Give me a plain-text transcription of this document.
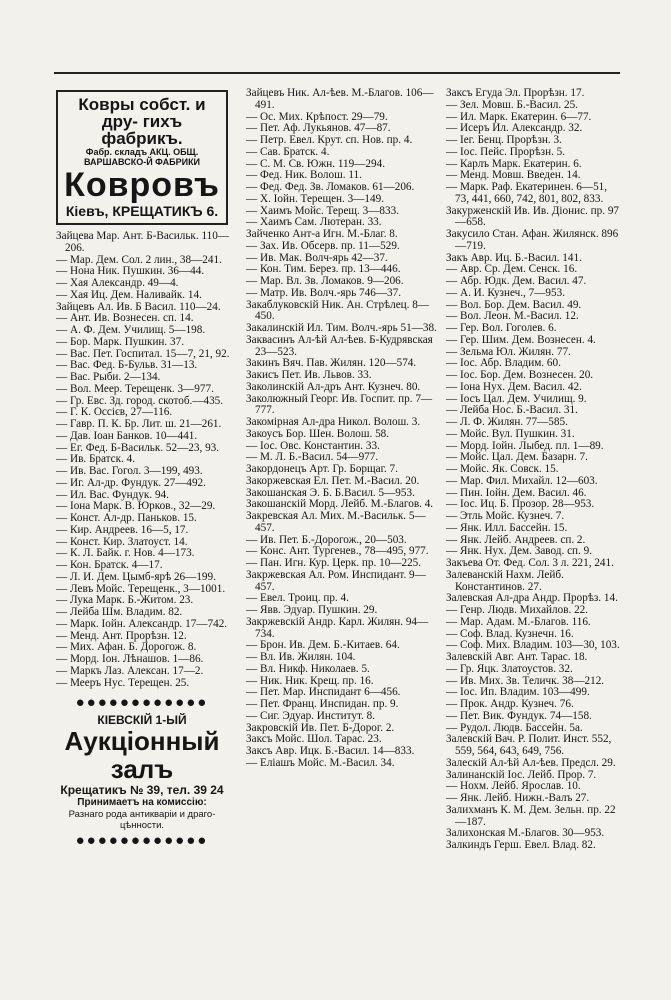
Ковры собст. и дру- гихъ фабрикъ.
Фабр. складъ АКЦ. ОБЩ.
ВАРШАВСКО-Й ФАБРИКИ
Ковровъ
Кіевъ, КРЕЩАТИКЪ 6.
Зайцева Мар. Ант. Б-Васильк. 110—206.
— Мар. Дем. Сол. 2 лин., 38—241.
— Нона Ник. Пушкин. 36—44.
— Хая Александр. 49—4.
— Хая Иц. Дем. Наливайк. 14.
Зайцевъ Ал. Ив. Б Васил. 110—24.
— Ант. Ив. Вознесен. сп. 14.
— А. Ф. Дем. Училищ. 5—198.
— Бор. Марк. Пушкин. 37.
— Вас. Пет. Госпитал. 15—7, 21, 92.
— Вас. Фед. Б-Бульв. 31—13.
— Вас. Рыби. 2—134.
— Вол. Меер. Терещенк. 3—977.
— Гр. Евс. Зд. город. скотоб.—435.
— Г. К. Оссієв, 27—116.
— Гавр. П. К. Бр. Лит. ш. 21—261.
— Дав. Іоан Банков. 10—441.
— Ег. Фед. Б-Васильк. 52—23, 93.
— Ив. Братск. 4.
— Ив. Вас. Гогол. 3—199, 493.
— Иг. Ал-др. Фундук. 27—492.
— Ил. Вас. Фундук. 94.
— Іона Марк. В. Юрков., 32—29.
— Конст. Ал-др. Паньков. 15.
— Кир. Андреев. 16—5, 17.
— Конст. Кир. Златоуст. 14.
— К. Л. Байк. г. Нов. 4—173.
— Кон. Братск. 4—17.
— Л. И. Дем. Цымб-ярѣ 26—199.
— Левъ Мойс. Терещенк., 3—1001.
— Лука Марк. Б.-Житом. 23.
— Лейба Шм. Владим. 82.
— Марк. Іойн. Александр. 17—742.
— Менд. Ант. Прорѣзн. 12.
— Мих. Афан. Б. Дорогож. 8.
— Морд. Іон. Лѣнашов. 1—86.
— Маркъ Лаз. Алексан. 17—2.
— Мееръ Нус. Терещен. 25.
●●●●●●●●●●●●
КІЕВСКІЙ 1-ЫЙ
Аукціонный залъ
Крещатикъ № 39, тел. 39 24
Принимаетъ на комиссію:
Разнаго рода антикваріи и драго-
цѣнности.
●●●●●●●●●●●●
Зайцевъ Ник. Ал-ѣев. М.-Благов. 106—491.
— Ос. Мих. Крѣпост. 29—79.
— Пет. Аф. Лукьянов. 47—87.
— Петр. Евел. Крут. сп. Нов. пр. 4.
— Сав. Братск. 4.
— С. М. Св. Южн. 119—294.
— Фед. Ник. Волош. 11.
— Фед. Фед. Зв. Ломаков. 61—206.
— Х. Іойн. Терещен. 3—149.
— Хаимъ Мойс. Терещ. 3—833.
— Хаимъ Сам. Лютеран. 33.
Зайченко Ант-а Игн. М.-Благ. 8.
— Зах. Ив. Обсерв. пр. 11—529.
— Ив. Мак. Волч-ярь 42—37.
— Кон. Тим. Берез. пр. 13—446.
— Мар. Вл. Зв. Ломаков. 9—206.
— Матр. Ив. Волч.-ярь 746—37.
Закаблуковскій Ник. Ан. Стрѣлец. 8—450.
Закалинскій Ил. Тим. Волч.-ярь 51—38.
Заквасинъ Ал-ѣй Ал-ѣев. Б-Кудрявская 23—523.
Закинъ Вяч. Пав. Жилян. 120—574.
Закисъ Пет. Ив. Львов. 33.
Заколинскій Ал-дръ Ант. Кузнеч. 80.
Заколюжный Георг. Ив. Госпит. пр. 7—777.
Закомірная Ал-дра Никол. Волош. 3.
Закоусъ Бор. Шен. Волош. 58.
— Іос. Овс. Константин. 33.
— М. Л. Б.-Васил. 54—977.
Закордонецъ Арт. Гр. Борщаг. 7.
Закоржевская Ел. Пет. М.-Васил. 20.
Закошанская Э. Б. Б.Васил. 5—953.
Закошанскій Морд. Лейб. М.-Благов. 4.
Закревская Ал. Мих. М.-Васильк. 5—457.
— Ив. Пет. Б.-Дорогож., 20—503.
— Конс. Ант. Тургенев., 78—495, 977.
— Пан. Игн. Кур. Церк. пр. 10—225.
Закржевская Ал. Ром. Инспидант. 9—457.
— Евел. Троиц. пр. 4.
— Явв. Эдуар. Пушкин. 29.
Закржевскій Андр. Карл. Жилян. 94—734.
— Брон. Ив. Дем. Б.-Китаев. 64.
— Вл. Ив. Жилян. 104.
— Вл. Никф. Николаев. 5.
— Ник. Ник. Крещ. пр. 16.
— Пет. Мар. Инспидант 6—456.
— Пет. Франц. Инспидан. пр. 9.
— Сиг. Эдуар. Институт. 8.
Закровскій Ив. Пет. Б-Дорог. 2.
Заксъ Мойс. Шол. Тарас. 23.
Заксъ Авр. Ицк. Б.-Васил. 14—833.
— Еліашъ Мойс. М.-Васил. 34.
Заксъ Егуда Эл. Прорѣзн. 17.
— Зел. Мовш. Б.-Васил. 25.
— Ил. Марк. Екатерин. 6—77.
— Исеръ Ил. Александр. 32.
— Іег. Бенц. Прорѣзн. 3.
— Іос. Пейс. Прорѣзн. 5.
— Карлъ Марк. Екатерин. 6.
— Менд. Мовш. Введен. 14.
— Марк. Раф. Екатеринен. 6—51, 73, 441, 660, 742, 801, 802, 833.
Закурженскій Ив. Ив. Діонис. пр. 97—658.
Закусило Стан. Афан. Жилянск. 896—719.
Закъ Авр. Иц. Б.-Васил. 141.
— Авр. Ср. Дем. Сенск. 16.
— Абр. Юдк. Дем. Васил. 47.
— А. И. Кузнеч., 7—953.
— Вол. Бор. Дем. Васил. 49.
— Вол. Леон. М.-Васил. 12.
— Гер. Вол. Гоголев. 6.
— Гер. Шим. Дем. Вознесен. 4.
— Зельма Юл. Жилян. 77.
— Іос. Абр. Владим. 60.
— Іос. Бор. Дем. Вознесен. 20.
— Іона Нух. Дем. Васил. 42.
— Іосъ Цал. Дем. Училищ. 9.
— Лейба Нос. Б.-Васил. 31.
— Л. Ф. Жилян. 77—585.
— Мойс. Вул. Пушкин. 31.
— Морд. Іойн. Лыбед. пл. 1—89.
— Мойс. Цал. Дем. Базарн. 7.
— Мойс. Як. Совск. 15.
— Мар. Фил. Михайл. 12—603.
— Пин. Іойн. Дем. Васил. 46.
— Іос. Иц. Б. Прозор. 28—953.
— Этль Мойс. Кузнеч. 7.
— Янк. Илл. Бассейн. 15.
— Янк. Лейб. Андреев. сп. 2.
— Янк. Нух. Дем. Завод. сп. 9.
Закъева От. Фед. Сол. 3 л. 221, 241.
Залеванскій Нахм. Лейб. Константинов. 27.
Залевская Ал-дра Андр. Прорѣз. 14.
— Генр. Людв. Михайлов. 22.
— Мар. Адам. М.-Благов. 116.
— Соф. Влад. Кузнечн. 16.
— Соф. Мих. Владим. 103—30, 103.
Залевскій Авг. Ант. Тарас. 18.
— Гр. Яцк. Златоустов. 32.
— Ив. Мих. Зв. Теличк. 38—212.
— Іос. Ип. Владим. 103—499.
— Прок. Андр. Кузнеч. 76.
— Пет. Вик. Фундук. 74—158.
— Рудол. Людв. Бассейн. 5а.
Залевскій Вач. Р. Полит. Инст. 552, 559, 564, 643, 649, 756.
Залескій Ал-ѣй Ал-ѣев. Предсл. 29.
Залинанскій Іос. Лейб. Прор. 7.
— Нохм. Лейб. Ярослав. 10.
— Янк. Лейб. Нижн.-Валъ 27.
Залихманъ К. М. Дем. Зельн. пр. 22—187.
Залихонская М.-Благов. 30—953.
Залкиндъ Герш. Евел. Влад. 82.
